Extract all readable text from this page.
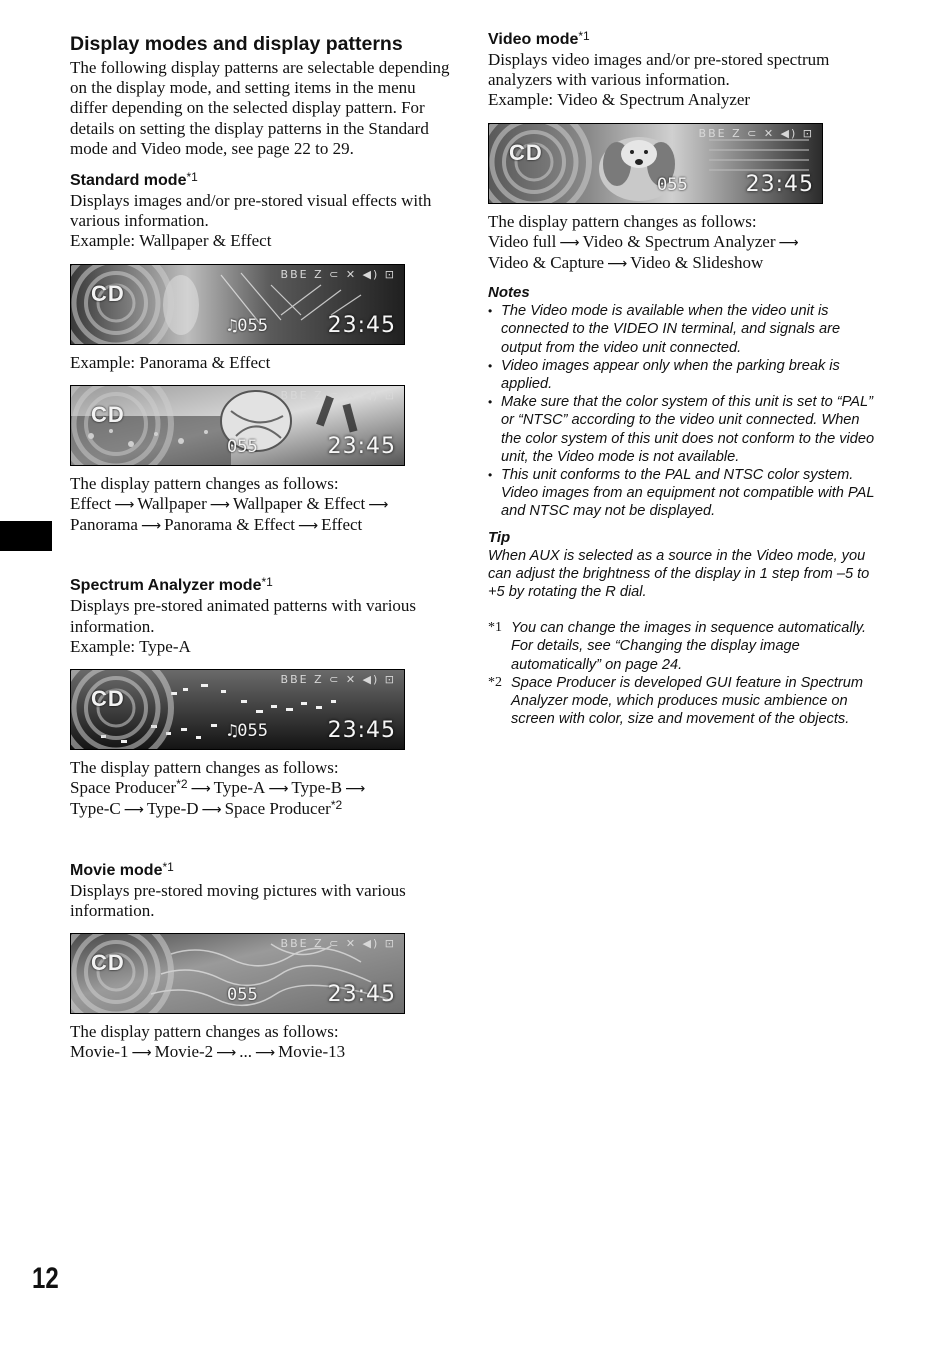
Display modes and display patterns

The following display patterns are selectable depending on the display mode, and setting items in the menu differ depending on the selected display pattern. For details on setting the display patterns in the Standard mode and Video mode, see page 22 to 29.

Standard mode$^{*1}$

Displays images and/or pre-stored visual effects with various information.

Example: Wallpaper & Effect

CD
BBE Z ⊂ ✕ ◀) ⊡
♫055	23:45

Example: Panorama & Effect

CD
BBE Z ⊂ ✕ ◀) ⊡
055	23:45

The display pattern changes as follows:

Effect ⟶ Wallpaper ⟶ Wallpaper & Effect ⟶
Panorama ⟶ Panorama & Effect ⟶ Effect

Spectrum Analyzer mode$^{*1}$

Displays pre-stored animated patterns with various information.

Example: Type-A

CD
BBE Z ⊂ ✕ ◀) ⊡
♫055	23:45

The display pattern changes as follows:

Space Producer$^{*2}$ ⟶ Type-A ⟶ Type-B ⟶
Type-C ⟶ Type-D ⟶ Space Producer$^{*2}$

Movie mode$^{*1}$

Displays pre-stored moving pictures with various information.

CD
BBE Z ⊂ ✕ ◀) ⊡
055	23:45

The display pattern changes as follows:

Movie-1 ⟶ Movie-2 ⟶ ... ⟶ Movie-13

Video mode$^{*1}$

Displays video images and/or pre-stored spectrum analyzers with various information.

Example: Video & Spectrum Analyzer

CD
BBE Z ⊂ ✕ ◀) ⊡
055	23:45

The display pattern changes as follows:

Video full ⟶ Video & Spectrum Analyzer ⟶
Video & Capture ⟶ Video & Slideshow

Notes

• The Video mode is available when the video unit is connected to the VIDEO IN terminal, and signals are output from the video unit connected.
• Video images appear only when the parking break is applied.
• Make sure that the color system of this unit is set to “PAL” or “NTSC” according to the video unit connected. When the color system of this unit does not conform to the video unit, the Video mode is not available.
• This unit conforms to the PAL and NTSC color system. Video images from an equipment not compatible with PAL and NTSC may not be displayed.

Tip

When AUX is selected as a source in the Video mode, you can adjust the brightness of the display in 1 step from –5 to +5 by rotating the R dial.

*1 You can change the images in sequence automatically. For details, see “Changing the display image automatically” on page 24.
*2 Space Producer is developed GUI feature in Spectrum Analyzer mode, which produces music ambience on screen with color, size and movement of the objects.
12
